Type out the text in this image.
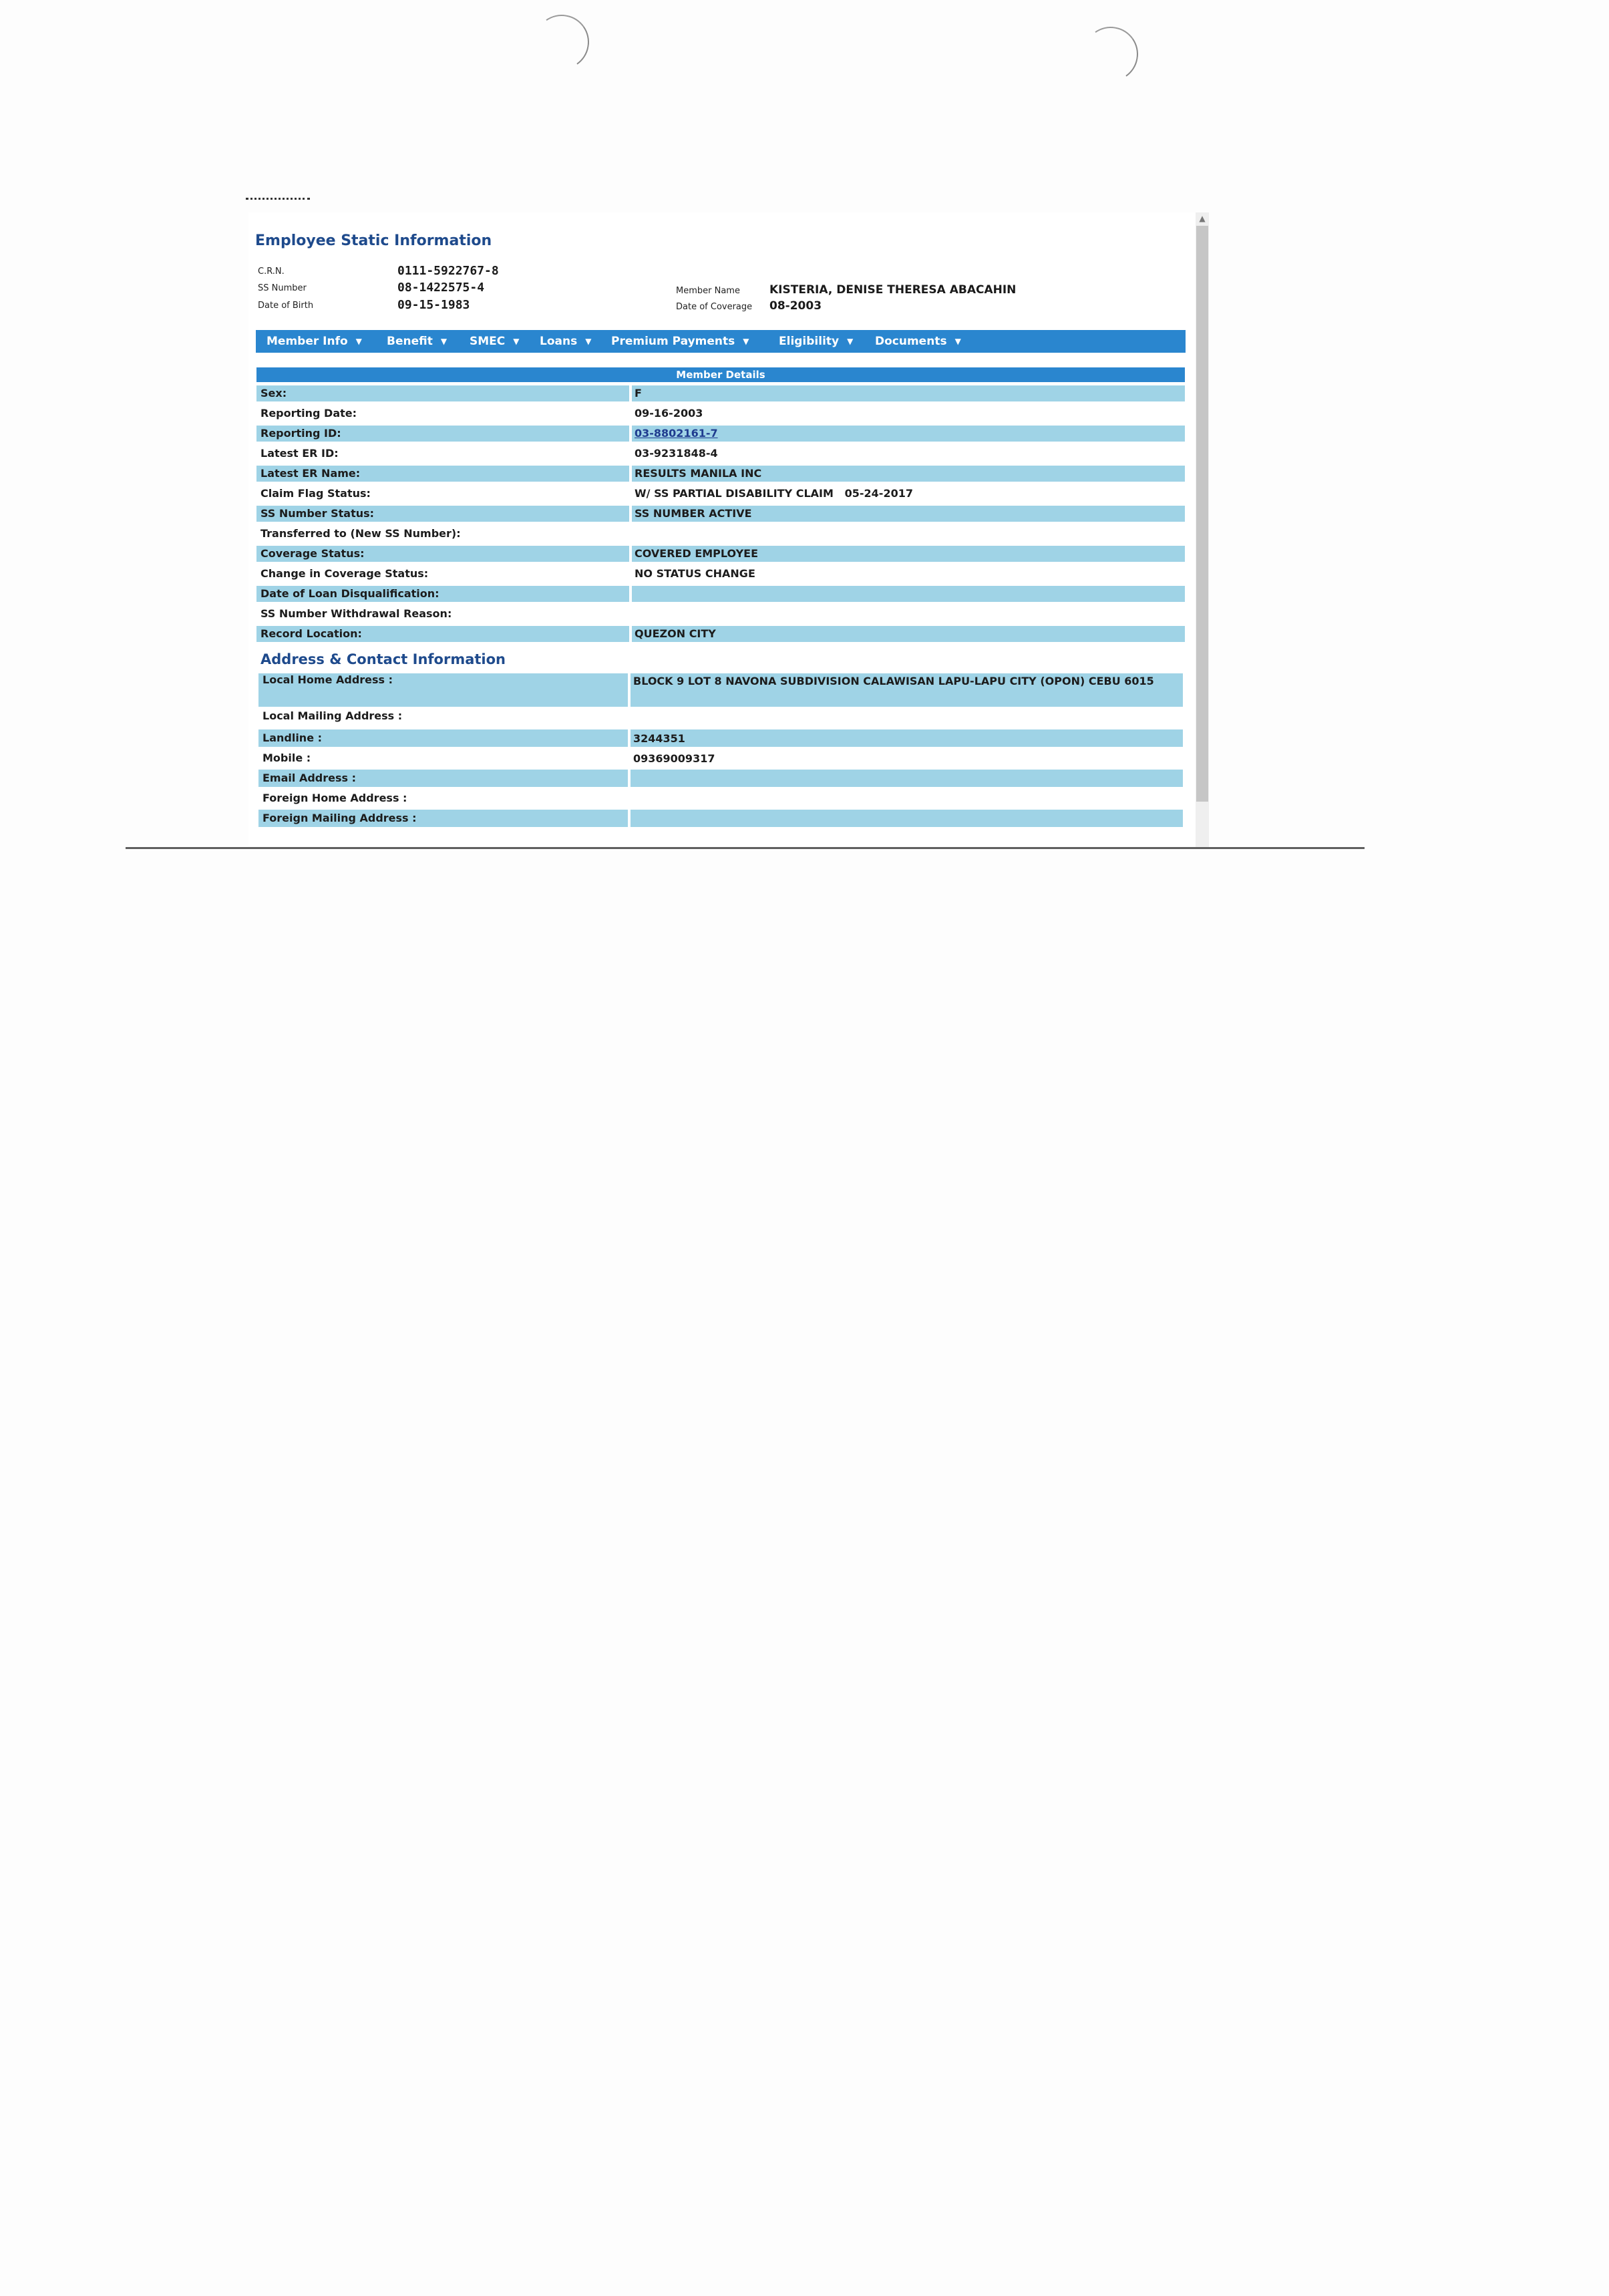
▲
Employee Static Information
C.R.N.	0111-5922767-8
SS Number	08-1422575-4
Date of Birth	09-15-1983
Member Name	KISTERIA, DENISE THERESA ABACAHIN
Date of Coverage 08-2003
Member Info ▼ Benefit ▼ SMEC ▼ Loans ▼ Premium Payments ▼	Eligibility ▼ Documents ▼
Member Details
Sex:	F
Reporting Date:	09-16-2003
Reporting ID:	03-8802161-7
Latest ER ID:	03-9231848-4
Latest ER Name:	RESULTS MANILA INC
Claim Flag Status:	W/ SS PARTIAL DISABILITY CLAIM   05-24-2017
SS Number Status:	SS NUMBER ACTIVE
Transferred to (New SS Number):
Coverage Status:	COVERED EMPLOYEE
Change in Coverage Status:	NO STATUS CHANGE
Date of Loan Disqualification:
SS Number Withdrawal Reason:
Record Location:	QUEZON CITY
Address & Contact Information
Local Home Address :	BLOCK 9 LOT 8 NAVONA SUBDIVISION CALAWISAN LAPU-LAPU CITY (OPON) CEBU 6015
Local Mailing Address :
Landline :	3244351
Mobile :	09369009317
Email Address :
Foreign Home Address :
Foreign Mailing Address :
